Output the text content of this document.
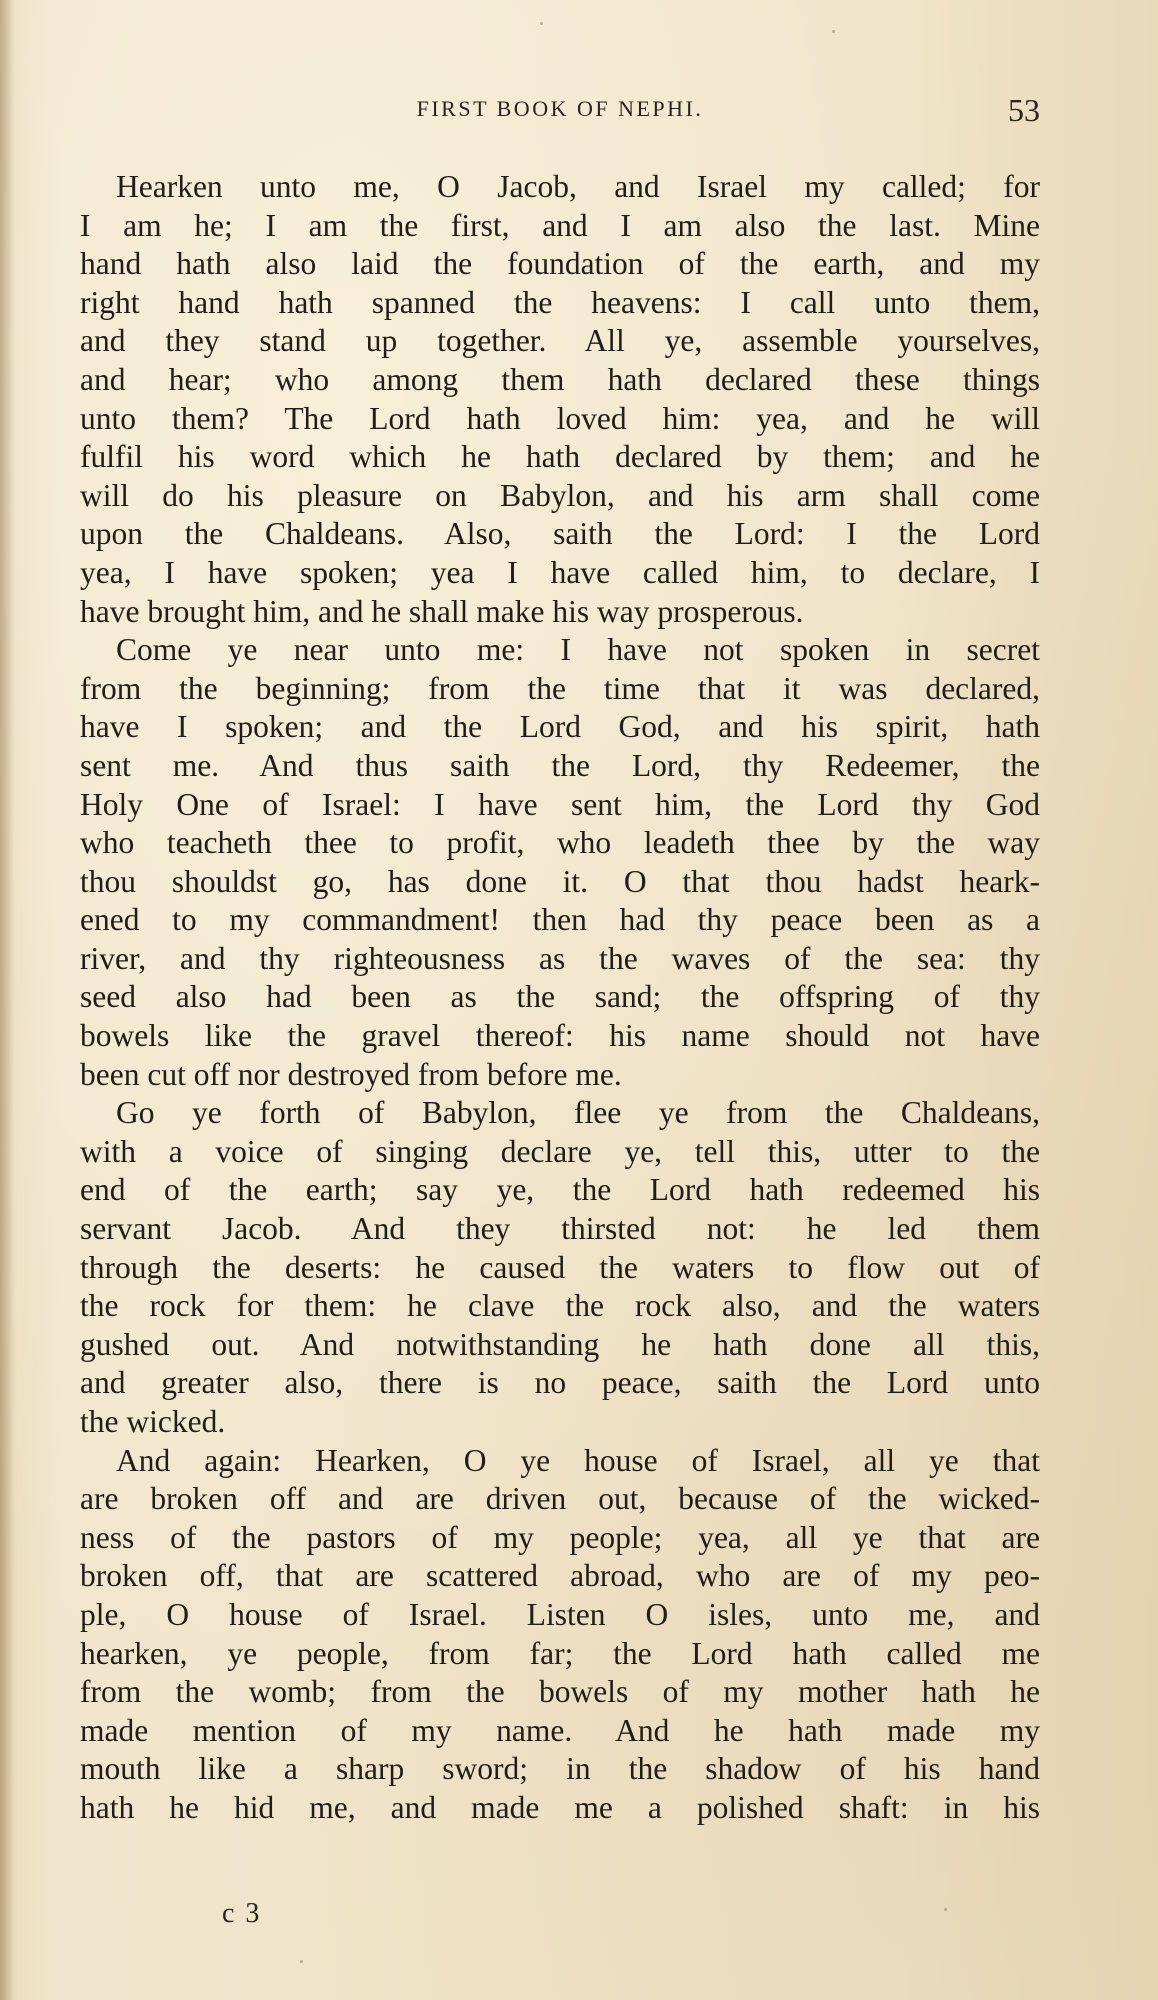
FIRST BOOK OF NEPHI.	53
Hearken unto me, O Jacob, and Israel my called; for
I am he; I am the first, and I am also the last. Mine
hand hath also laid the foundation of the earth, and my
right hand hath spanned the heavens: I call unto them,
and they stand up together. All ye, assemble yourselves,
and hear; who among them hath declared these things
unto them? The Lord hath loved him: yea, and he will
fulfil his word which he hath declared by them; and he
will do his pleasure on Babylon, and his arm shall come
upon the Chaldeans. Also, saith the Lord: I the Lord
yea, I have spoken; yea I have called him, to declare, I
have brought him, and he shall make his way prosperous.
Come ye near unto me: I have not spoken in secret
from the beginning; from the time that it was declared,
have I spoken; and the Lord God, and his spirit, hath
sent me. And thus saith the Lord, thy Redeemer, the
Holy One of Israel: I have sent him, the Lord thy God
who teacheth thee to profit, who leadeth thee by the way
thou shouldst go, has done it. O that thou hadst heark-
ened to my commandment! then had thy peace been as a
river, and thy righteousness as the waves of the sea: thy
seed also had been as the sand; the offspring of thy
bowels like the gravel thereof: his name should not have
been cut off nor destroyed from before me.
Go ye forth of Babylon, flee ye from the Chaldeans,
with a voice of singing declare ye, tell this, utter to the
end of the earth; say ye, the Lord hath redeemed his
servant Jacob. And they thirsted not: he led them
through the deserts: he caused the waters to flow out of
the rock for them: he clave the rock also, and the waters
gushed out. And notwithstanding he hath done all this,
and greater also, there is no peace, saith the Lord unto
the wicked.
And again: Hearken, O ye house of Israel, all ye that
are broken off and are driven out, because of the wicked-
ness of the pastors of my people; yea, all ye that are
broken off, that are scattered abroad, who are of my peo-
ple, O house of Israel. Listen O isles, unto me, and
hearken, ye people, from far; the Lord hath called me
from the womb; from the bowels of my mother hath he
made mention of my name. And he hath made my
mouth like a sharp sword; in the shadow of his hand
hath he hid me, and made me a polished shaft: in his
c 3
